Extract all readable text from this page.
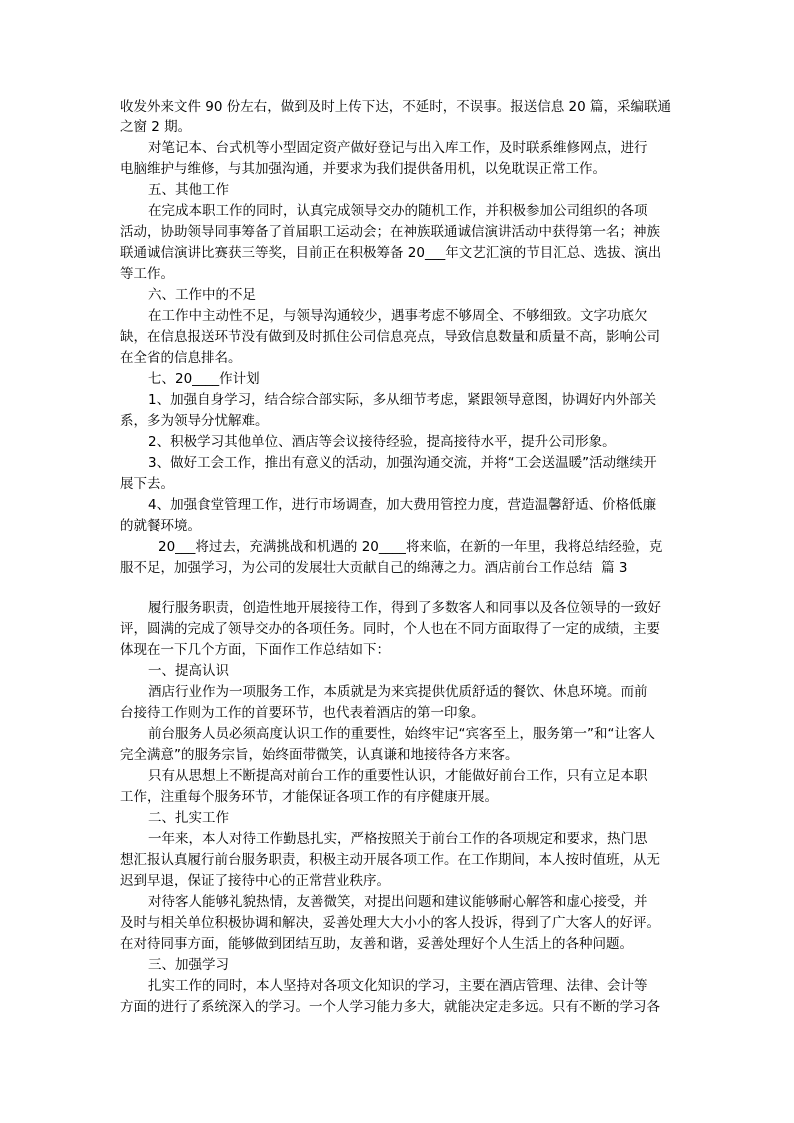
收发外来文件 90 份左右，做到及时上传下达，不延时，不误事。报送信息 20 篇，采编联通
之窗 2 期。
对笔记本、台式机等小型固定资产做好登记与出入库工作，及时联系维修网点，进行
电脑维护与维修，与其加强沟通，并要求为我们提供备用机，以免耽误正常工作。
五、其他工作
在完成本职工作的同时，认真完成领导交办的随机工作，并积极参加公司组织的各项
活动，协助领导同事筹备了首届职工运动会；在神族联通诚信演讲活动中获得第一名；神族
联通诚信演讲比赛获三等奖，目前正在积极筹备 20___年文艺汇演的节目汇总、选拔、演出
等工作。
六、工作中的不足
在工作中主动性不足，与领导沟通较少，遇事考虑不够周全、不够细致。文字功底欠
缺，在信息报送环节没有做到及时抓住公司信息亮点，导致信息数量和质量不高，影响公司
在全省的信息排名。
七、20____作计划
1、加强自身学习，结合综合部实际，多从细节考虑，紧跟领导意图，协调好内外部关
系，多为领导分忧解难。
2、积极学习其他单位、酒店等会议接待经验，提高接待水平，提升公司形象。
3、做好工会工作，推出有意义的活动，加强沟通交流，并将“工会送温暖”活动继续开
展下去。
4、加强食堂管理工作，进行市场调查，加大费用管控力度，营造温馨舒适、价格低廉
的就餐环境。
20___将过去，充满挑战和机遇的 20____将来临，在新的一年里，我将总结经验，克
服不足，加强学习，为公司的发展壮大贡献自己的绵薄之力。酒店前台工作总结  篇 3
履行服务职责，创造性地开展接待工作，得到了多数客人和同事以及各位领导的一致好
评，圆满的完成了领导交办的各项任务。同时，个人也在不同方面取得了一定的成绩，主要
体现在一下几个方面，下面作工作总结如下：
一、提高认识
酒店行业作为一项服务工作，本质就是为来宾提供优质舒适的餐饮、休息环境。而前
台接待工作则为工作的首要环节，也代表着酒店的第一印象。
前台服务人员必须高度认识工作的重要性，始终牢记“宾客至上，服务第一”和“让客人
完全满意”的服务宗旨，始终面带微笑，认真谦和地接待各方来客。
只有从思想上不断提高对前台工作的重要性认识，才能做好前台工作，只有立足本职
工作，注重每个服务环节，才能保证各项工作的有序健康开展。
二、扎实工作
一年来，本人对待工作勤恳扎实，严格按照关于前台工作的各项规定和要求，热门思
想汇报认真履行前台服务职责，积极主动开展各项工作。在工作期间，本人按时值班，从无
迟到早退，保证了接待中心的正常营业秩序。
对待客人能够礼貌热情，友善微笑，对提出问题和建议能够耐心解答和虚心接受，并
及时与相关单位积极协调和解决，妥善处理大大小小的客人投诉，得到了广大客人的好评。
在对待同事方面，能够做到团结互助，友善和谐，妥善处理好个人生活上的各种问题。
三、加强学习
扎实工作的同时，本人坚持对各项文化知识的学习，主要在酒店管理、法律、会计等
方面的进行了系统深入的学习。一个人学习能力多大，就能决定走多远。只有不断的学习各
